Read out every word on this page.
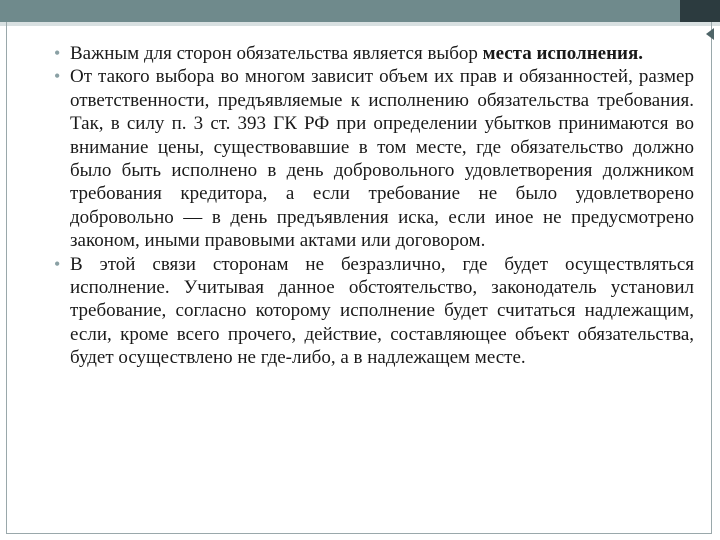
• Важным для сторон обязательства является выбор места исполнения.
• От такого выбора во многом зависит объем их прав и обязанностей, размер ответственности, предъявляемые к исполнению обязательства требования. Так, в силу п. 3 ст. 393 ГК РФ при определении убытков принимаются во внимание цены, существовавшие в том месте, где обязательство должно было быть исполнено в день добровольного удовлетворения должником требования кредитора, а если требование не было удовлетворено добровольно — в день предъявления иска, если иное не предусмотрено законом, иными правовыми актами или договором.
• В этой связи сторонам не безразлично, где будет осуществляться исполнение. Учитывая данное обстоятельство, законодатель установил требование, согласно которому исполнение будет считаться надлежащим, если, кроме всего прочего, действие, составляющее объект обязательства, будет осуществлено не где-либо, а в надлежащем месте.
